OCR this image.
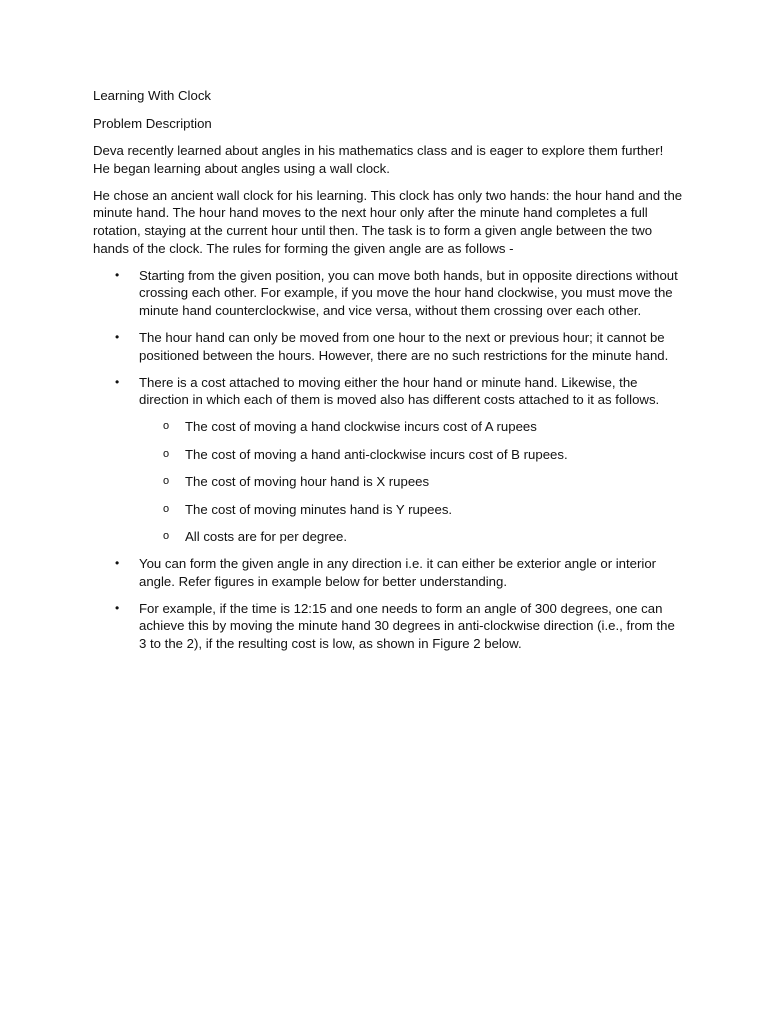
Learning With Clock

Problem Description

Deva recently learned about angles in his mathematics class and is eager to explore them further! He began learning about angles using a wall clock.

He chose an ancient wall clock for his learning. This clock has only two hands: the hour hand and the minute hand. The hour hand moves to the next hour only after the minute hand completes a full rotation, staying at the current hour until then. The task is to form a given angle between the two hands of the clock. The rules for forming the given angle are as follows -

• Starting from the given position, you can move both hands, but in opposite directions without crossing each other. For example, if you move the hour hand clockwise, you must move the minute hand counterclockwise, and vice versa, without them crossing over each other.
• The hour hand can only be moved from one hour to the next or previous hour; it cannot be positioned between the hours. However, there are no such restrictions for the minute hand.
• There is a cost attached to moving either the hour hand or minute hand. Likewise, the direction in which each of them is moved also has different costs attached to it as follows.
o The cost of moving a hand clockwise incurs cost of A rupees
o The cost of moving a hand anti-clockwise incurs cost of B rupees.
o The cost of moving hour hand is X rupees
o The cost of moving minutes hand is Y rupees.
o All costs are for per degree.
• You can form the given angle in any direction i.e. it can either be exterior angle or interior angle. Refer figures in example below for better understanding.
• For example, if the time is 12:15 and one needs to form an angle of 300 degrees, one can achieve this by moving the minute hand 30 degrees in anti-clockwise direction (i.e., from the 3 to the 2), if the resulting cost is low, as shown in Figure 2 below.
